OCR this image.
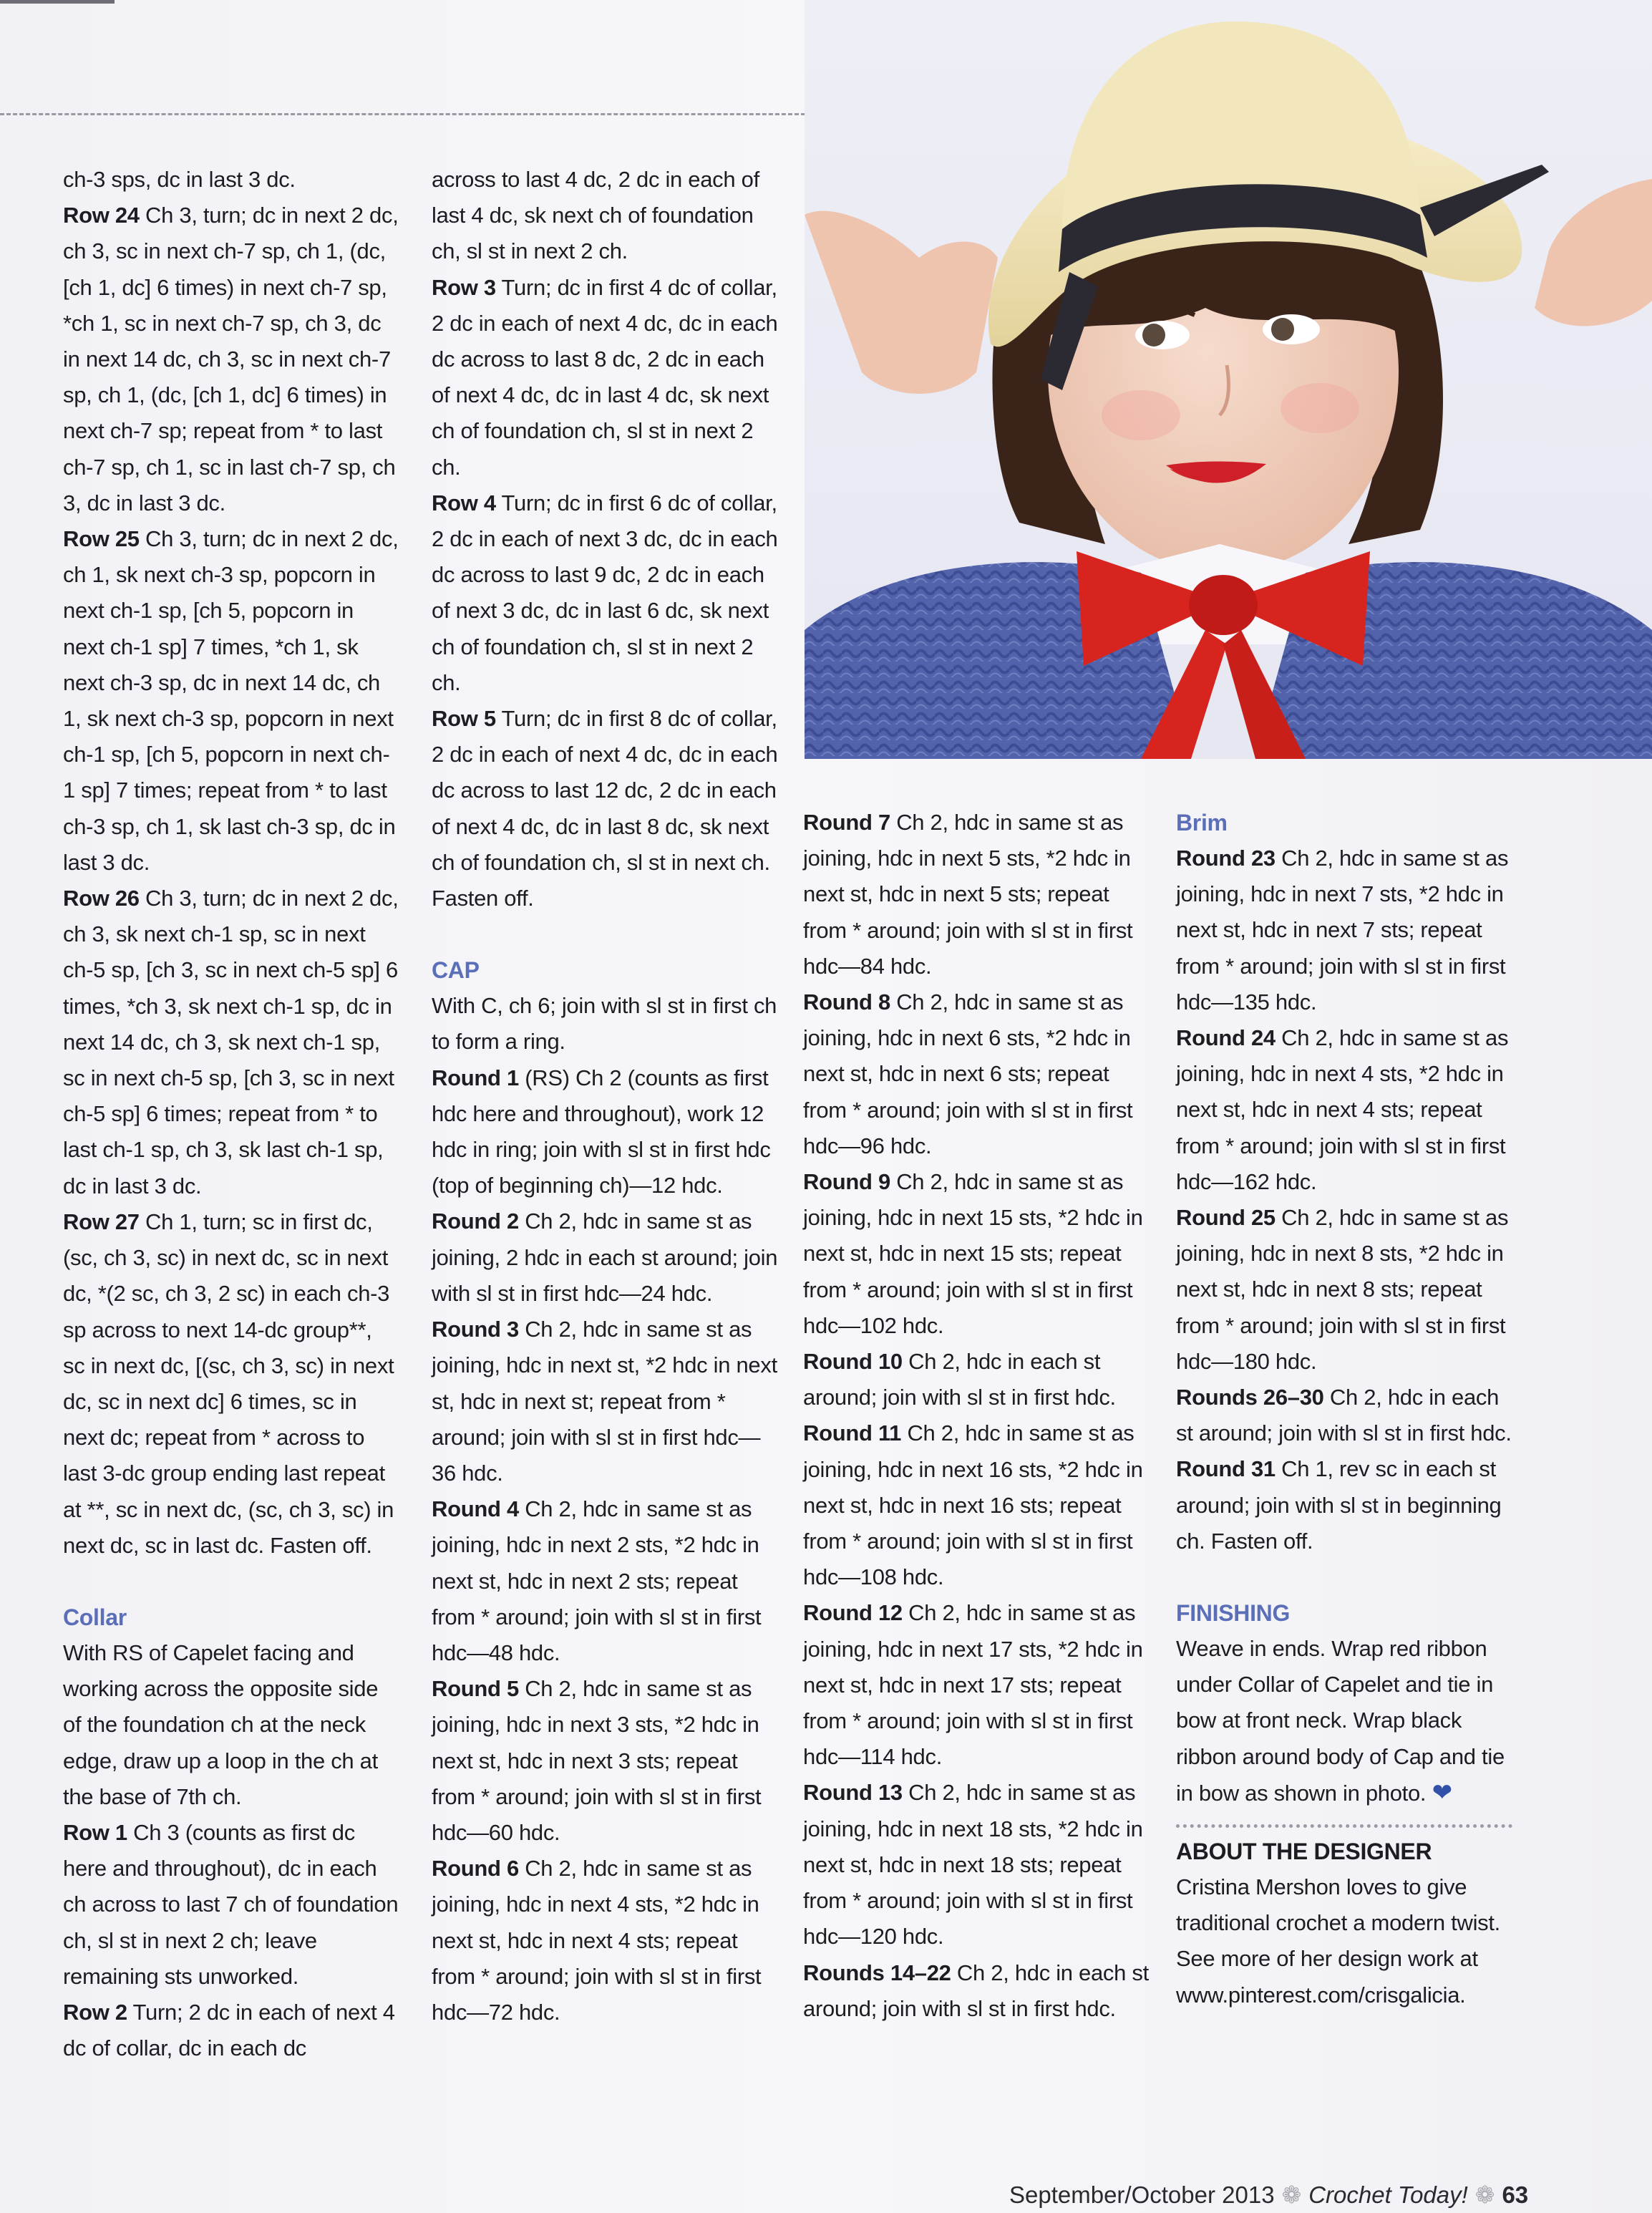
ch-3 sps, dc in last 3 dc.

Row 24 Ch 3, turn; dc in next 2 dc, ch 3, sc in next ch-7 sp, ch 1, (dc, [ch 1, dc] 6 times) in next ch-7 sp, *ch 1, sc in next ch-7 sp, ch 3, dc in next 14 dc, ch 3, sc in next ch-7 sp, ch 1, (dc, [ch 1, dc] 6 times) in next ch-7 sp; repeat from * to last ch-7 sp, ch 1, sc in last ch-7 sp, ch 3, dc in last 3 dc.

Row 25 Ch 3, turn; dc in next 2 dc, ch 1, sk next ch-3 sp, popcorn in next ch-1 sp, [ch 5, popcorn in next ch-1 sp] 7 times, *ch 1, sk next ch-3 sp, dc in next 14 dc, ch 1, sk next ch-3 sp, popcorn in next ch-1 sp, [ch 5, popcorn in next ch-1 sp] 7 times; repeat from * to last ch-3 sp, ch 1, sk last ch-3 sp, dc in last 3 dc.

Row 26 Ch 3, turn; dc in next 2 dc, ch 3, sk next ch-1 sp, sc in next ch-5 sp, [ch 3, sc in next ch-5 sp] 6 times, *ch 3, sk next ch-1 sp, dc in next 14 dc, ch 3, sk next ch-1 sp, sc in next ch-5 sp, [ch 3, sc in next ch-5 sp] 6 times; repeat from * to last ch-1 sp, ch 3, sk last ch-1 sp, dc in last 3 dc.

Row 27 Ch 1, turn; sc in first dc, (sc, ch 3, sc) in next dc, sc in next dc, *(2 sc, ch 3, 2 sc) in each ch-3 sp across to next 14-dc group**, sc in next dc, [(sc, ch 3, sc) in next dc, sc in next dc] 6 times, sc in next dc; repeat from * across to last 3-dc group ending last repeat at **, sc in next dc, (sc, ch 3, sc) in next dc, sc in last dc. Fasten off.

Collar

With RS of Capelet facing and working across the opposite side of the foundation ch at the neck edge, draw up a loop in the ch at the base of 7th ch.

Row 1 Ch 3 (counts as first dc here and throughout), dc in each ch across to last 7 ch of foundation ch, sl st in next 2 ch; leave remaining sts unworked.

Row 2 Turn; 2 dc in each of next 4 dc of collar, dc in each dc

across to last 4 dc, 2 dc in each of last 4 dc, sk next ch of foundation ch, sl st in next 2 ch.

Row 3 Turn; dc in first 4 dc of collar, 2 dc in each of next 4 dc, dc in each dc across to last 8 dc, 2 dc in each of next 4 dc, dc in last 4 dc, sk next ch of foundation ch, sl st in next 2 ch.

Row 4 Turn; dc in first 6 dc of collar, 2 dc in each of next 3 dc, dc in each dc across to last 9 dc, 2 dc in each of next 3 dc, dc in last 6 dc, sk next ch of foundation ch, sl st in next 2 ch.

Row 5 Turn; dc in first 8 dc of collar, 2 dc in each of next 4 dc, dc in each dc across to last 12 dc, 2 dc in each of next 4 dc, dc in last 8 dc, sk next ch of foundation ch, sl st in next ch. Fasten off.

CAP

With C, ch 6; join with sl st in first ch to form a ring.

Round 1 (RS) Ch 2 (counts as first hdc here and throughout), work 12 hdc in ring; join with sl st in first hdc (top of beginning ch)—12 hdc.

Round 2 Ch 2, hdc in same st as joining, 2 hdc in each st around; join with sl st in first hdc—24 hdc.

Round 3 Ch 2, hdc in same st as joining, hdc in next st, *2 hdc in next st, hdc in next st; repeat from * around; join with sl st in first hdc—36 hdc.

Round 4 Ch 2, hdc in same st as joining, hdc in next 2 sts, *2 hdc in next st, hdc in next 2 sts; repeat from * around; join with sl st in first hdc—48 hdc.

Round 5 Ch 2, hdc in same st as joining, hdc in next 3 sts, *2 hdc in next st, hdc in next 3 sts; repeat from * around; join with sl st in first hdc—60 hdc.

Round 6 Ch 2, hdc in same st as joining, hdc in next 4 sts, *2 hdc in next st, hdc in next 4 sts; repeat from * around; join with sl st in first hdc—72 hdc.

Round 7 Ch 2, hdc in same st as joining, hdc in next 5 sts, *2 hdc in next st, hdc in next 5 sts; repeat from * around; join with sl st in first hdc—84 hdc.

Round 8 Ch 2, hdc in same st as joining, hdc in next 6 sts, *2 hdc in next st, hdc in next 6 sts; repeat from * around; join with sl st in first hdc—96 hdc.

Round 9 Ch 2, hdc in same st as joining, hdc in next 15 sts, *2 hdc in next st, hdc in next 15 sts; repeat from * around; join with sl st in first hdc—102 hdc.

Round 10 Ch 2, hdc in each st around; join with sl st in first hdc.

Round 11 Ch 2, hdc in same st as joining, hdc in next 16 sts, *2 hdc in next st, hdc in next 16 sts; repeat from * around; join with sl st in first hdc—108 hdc.

Round 12 Ch 2, hdc in same st as joining, hdc in next 17 sts, *2 hdc in next st, hdc in next 17 sts; repeat from * around; join with sl st in first hdc—114 hdc.

Round 13 Ch 2, hdc in same st as joining, hdc in next 18 sts, *2 hdc in next st, hdc in next 18 sts; repeat from * around; join with sl st in first hdc—120 hdc.

Rounds 14–22 Ch 2, hdc in each st around; join with sl st in first hdc.

Brim

Round 23 Ch 2, hdc in same st as joining, hdc in next 7 sts, *2 hdc in next st, hdc in next 7 sts; repeat from * around; join with sl st in first hdc—135 hdc.

Round 24 Ch 2, hdc in same st as joining, hdc in next 4 sts, *2 hdc in next st, hdc in next 4 sts; repeat from * around; join with sl st in first hdc—162 hdc.

Round 25 Ch 2, hdc in same st as joining, hdc in next 8 sts, *2 hdc in next st, hdc in next 8 sts; repeat from * around; join with sl st in first hdc—180 hdc.

Rounds 26–30 Ch 2, hdc in each st around; join with sl st in first hdc.

Round 31 Ch 1, rev sc in each st around; join with sl st in beginning ch. Fasten off.

FINISHING

Weave in ends. Wrap red ribbon under Collar of Capelet and tie in bow at front neck. Wrap black ribbon around body of Cap and tie in bow as shown in photo. ❤

ABOUT THE DESIGNER

Cristina Mershon loves to give traditional crochet a modern twist. See more of her design work at www.pinterest.com/crisgalicia.

September/October 2013 ❁ Crochet Today! ❁ 63
